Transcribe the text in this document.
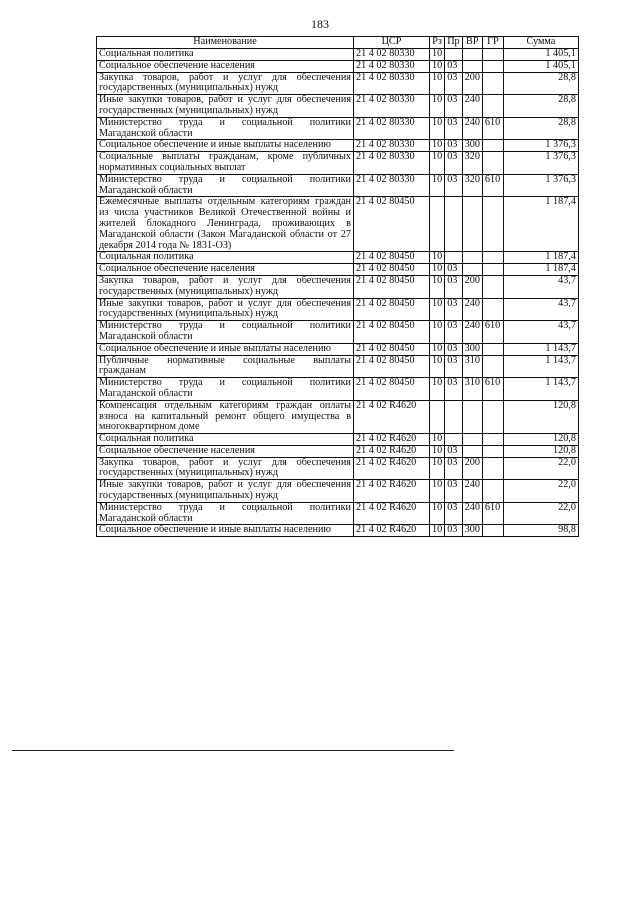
183
Наименование	ЦСР	Рз	Пр	ВР	ГР	Сумма
Социальная политика	21 4 02 80330	10				1 405,1
Социальное обеспечение населения	21 4 02 80330	10	03			1 405,1
Закупка товаров, работ и услуг для обеспечения государственных (муниципальных) нужд	21 4 02 80330	10	03	200		28,8
Иные закупки товаров, работ и услуг для обеспечения государственных (муниципальных) нужд	21 4 02 80330	10	03	240		28,8
Министерство труда и социальной политики Магаданской области	21 4 02 80330	10	03	240	610	28,8
Социальное обеспечение и иные выплаты населению	21 4 02 80330	10	03	300		1 376,3
Социальные выплаты гражданам, кроме публичных нормативных социальных выплат	21 4 02 80330	10	03	320		1 376,3
Министерство труда и социальной политики Магаданской области	21 4 02 80330	10	03	320	610	1 376,3
Ежемесячные выплаты отдельным категориям граждан из числа участников Великой Отечественной войны и жителей блокадного Ленинграда, проживающих в Магаданской области (Закон Магаданской области от 27 декабря 2014 года № 1831-ОЗ)	21 4 02 80450					1 187,4
Социальная политика	21 4 02 80450	10				1 187,4
Социальное обеспечение населения	21 4 02 80450	10	03			1 187,4
Закупка товаров, работ и услуг для обеспечения государственных (муниципальных) нужд	21 4 02 80450	10	03	200		43,7
Иные закупки товаров, работ и услуг для обеспечения государственных (муниципальных) нужд	21 4 02 80450	10	03	240		43,7
Министерство труда и социальной политики Магаданской области	21 4 02 80450	10	03	240	610	43,7
Социальное обеспечение и иные выплаты населению	21 4 02 80450	10	03	300		1 143,7
Публичные нормативные социальные выплаты гражданам	21 4 02 80450	10	03	310		1 143,7
Министерство труда и социальной политики Магаданской области	21 4 02 80450	10	03	310	610	1 143,7
Компенсация отдельным категориям граждан оплаты взноса на капитальный ремонт общего имущества в многоквартирном доме	21 4 02 R4620					120,8
Социальная политика	21 4 02 R4620	10				120,8
Социальное обеспечение населения	21 4 02 R4620	10	03			120,8
Закупка товаров, работ и услуг для обеспечения государственных (муниципальных) нужд	21 4 02 R4620	10	03	200		22,0
Иные закупки товаров, работ и услуг для обеспечения государственных (муниципальных) нужд	21 4 02 R4620	10	03	240		22,0
Министерство труда и социальной политики Магаданской области	21 4 02 R4620	10	03	240	610	22,0
Социальное обеспечение и иные выплаты населению	21 4 02 R4620	10	03	300		98,8
